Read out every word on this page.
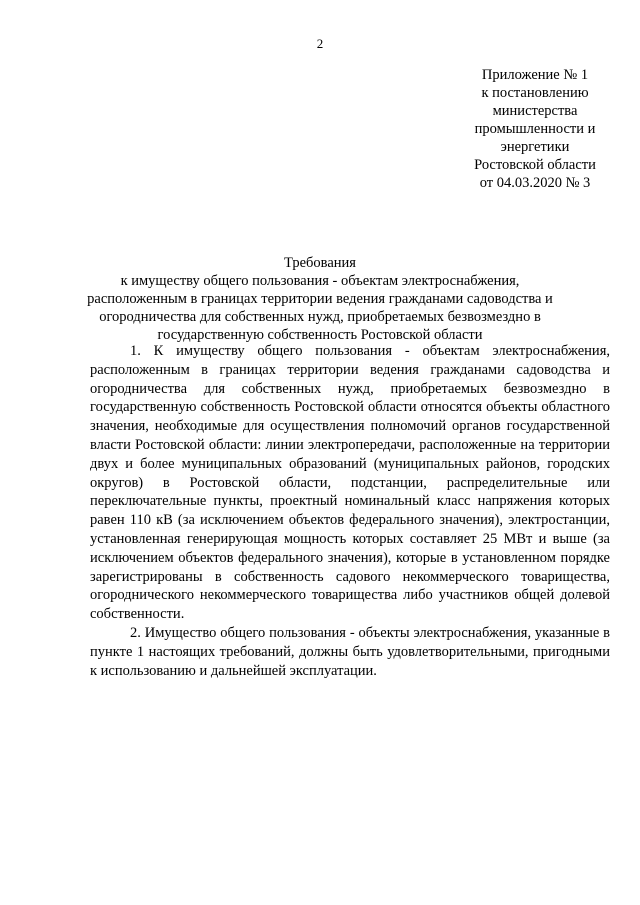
2
Приложение № 1
к постановлению
министерства
промышленности и
энергетики
Ростовской области
от 04.03.2020 № 3
Требования
к имуществу общего пользования - объектам электроснабжения,
расположенным в границах территории ведения гражданами садоводства и
огородничества для собственных нужд, приобретаемых безвозмездно в
государственную собственность Ростовской области

1. К имуществу общего пользования - объектам электроснабжения, расположенным в границах территории ведения гражданами садоводства и огородничества для собственных нужд, приобретаемых безвозмездно в государственную собственность Ростовской области относятся объекты областного значения, необходимые для осуществления полномочий органов государственной власти Ростовской области: линии электропередачи, расположенные на территории двух и более муниципальных образований (муниципальных районов, городских округов) в Ростовской области, подстанции, распределительные или переключательные пункты, проектный номинальный класс напряжения которых равен 110 кВ (за исключением объектов федерального значения), электростанции, установленная генерирующая мощность которых составляет 25 МВт и выше (за исключением объектов федерального значения), которые в установленном порядке зарегистрированы в собственность садового некоммерческого товарищества, огороднического некоммерческого товарищества либо участников общей долевой собственности.

2. Имущество общего пользования - объекты электроснабжения, указанные в пункте 1 настоящих требований, должны быть удовлетворительными, пригодными к использованию и дальнейшей эксплуатации.
